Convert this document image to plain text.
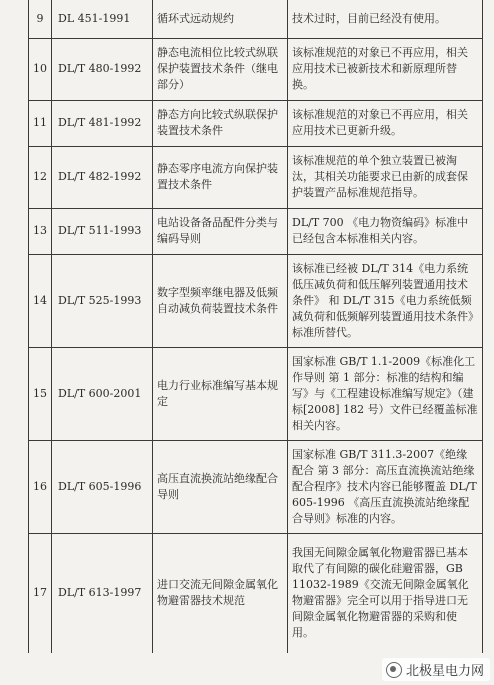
9	DL 451-1991	循环式远动规约	技术过时，目前已经没有使用。
10	DL/T 480-1992	静态电流相位比较式纵联保护装置技术条件（继电部分）	该标准规范的对象已不再应用，相关应用技术已被新技术和新原理所替换。
11	DL/T 481-1992	静态方向比较式纵联保护装置技术条件	该标准规范的对象已不再应用，相关应用技术已更新升级。
12	DL/T 482-1992	静态零序电流方向保护装置技术条件	该标准规范的单个独立装置已被淘汰，其相关功能要求已由新的成套保护装置产品标准规范指导。
13	DL/T 511-1993	电站设备备品配件分类与编码导则	DL/T 700 《电力物资编码》标准中已经包含本标准相关内容。
14	DL/T 525-1993	数字型频率继电器及低频自动减负荷装置技术条件	该标准已经被 DL/T 314《电力系统低压减负荷和低压解列装置通用技术条件》 和 DL/T 315《电力系统低频减负荷和低频解列装置通用技术条件》标准所替代。
15	DL/T 600-2001	电力行业标准编写基本规定	国家标准 GB/T 1.1-2009《标准化工作导则 第 1 部分：标准的结构和编写》与《工程建设标准编写规定》（建标[2008] 182 号）文件已经覆盖标准相关内容。
16	DL/T 605-1996	高压直流换流站绝缘配合导则	国家标准 GB/T 311.3-2007《绝缘配合 第 3 部分：高压直流换流站绝缘配合程序》技术内容已能够覆盖 DL/T 605-1996 《高压直流换流站绝缘配合导则》标准的内容。
17	DL/T 613-1997	进口交流无间隙金属氧化物避雷器技术规范	我国无间隙金属氧化物避雷器已基本取代了有间隙的碳化硅避雷器，GB 11032-1989《交流无间隙金属氧化物避雷器》完全可以用于指导进口无间隙金属氧化物避雷器的采购和使用。
北极星电力网
